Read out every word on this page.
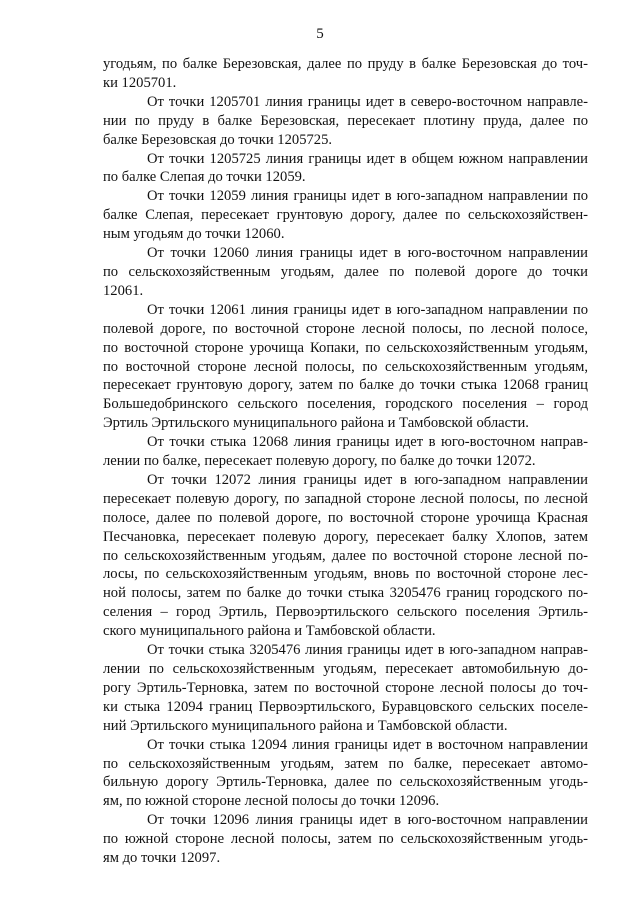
5
угодьям, по балке Березовская, далее по пруду в балке Березовская до точ-
ки 1205701.
От точки 1205701 линия границы идет в северо-восточном направле-
нии по пруду в балке Березовская, пересекает плотину пруда, далее по
балке Березовская до точки 1205725.
От точки 1205725 линия границы идет в общем южном направлении
по балке Слепая до точки 12059.
От точки 12059 линия границы идет в юго-западном направлении по
балке Слепая, пересекает грунтовую дорогу, далее по сельскохозяйствен-
ным угодьям до точки 12060.
От точки 12060 линия границы идет в юго-восточном направлении
по сельскохозяйственным угодьям, далее по полевой дороге до точки
12061.
От точки 12061 линия границы идет в юго-западном направлении по
полевой дороге, по восточной стороне лесной полосы, по лесной полосе,
по восточной стороне урочища Копаки, по сельскохозяйственным угодьям,
по восточной стороне лесной полосы, по сельскохозяйственным угодьям,
пересекает грунтовую дорогу, затем по балке до точки стыка 12068 границ
Большедобринского сельского поселения, городского поселения – город
Эртиль Эртильского муниципального района и Тамбовской области.
От точки стыка 12068 линия границы идет в юго-восточном направ-
лении по балке, пересекает полевую дорогу, по балке до точки 12072.
От точки 12072 линия границы идет в юго-западном направлении
пересекает полевую дорогу, по западной стороне лесной полосы, по лесной
полосе, далее по полевой дороге, по восточной стороне урочища Красная
Песчановка, пересекает полевую дорогу, пересекает балку Хлопов, затем
по сельскохозяйственным угодьям, далее по восточной стороне лесной по-
лосы, по сельскохозяйственным угодьям, вновь по восточной стороне лес-
ной полосы, затем по балке до точки стыка 3205476 границ городского по-
селения – город Эртиль, Первоэртильского сельского поселения Эртиль-
ского муниципального района и Тамбовской области.
От точки стыка 3205476 линия границы идет в юго-западном направ-
лении по сельскохозяйственным угодьям, пересекает автомобильную до-
рогу Эртиль-Терновка, затем по восточной стороне лесной полосы до точ-
ки стыка 12094 границ Первоэртильского, Буравцовского сельских поселе-
ний Эртильского муниципального района и Тамбовской области.
От точки стыка 12094 линия границы идет в восточном направлении
по сельскохозяйственным угодьям, затем по балке, пересекает автомо-
бильную дорогу Эртиль-Терновка, далее по сельскохозяйственным угодь-
ям, по южной стороне лесной полосы до точки 12096.
От точки 12096 линия границы идет в юго-восточном направлении
по южной стороне лесной полосы, затем по сельскохозяйственным угодь-
ям до точки 12097.
